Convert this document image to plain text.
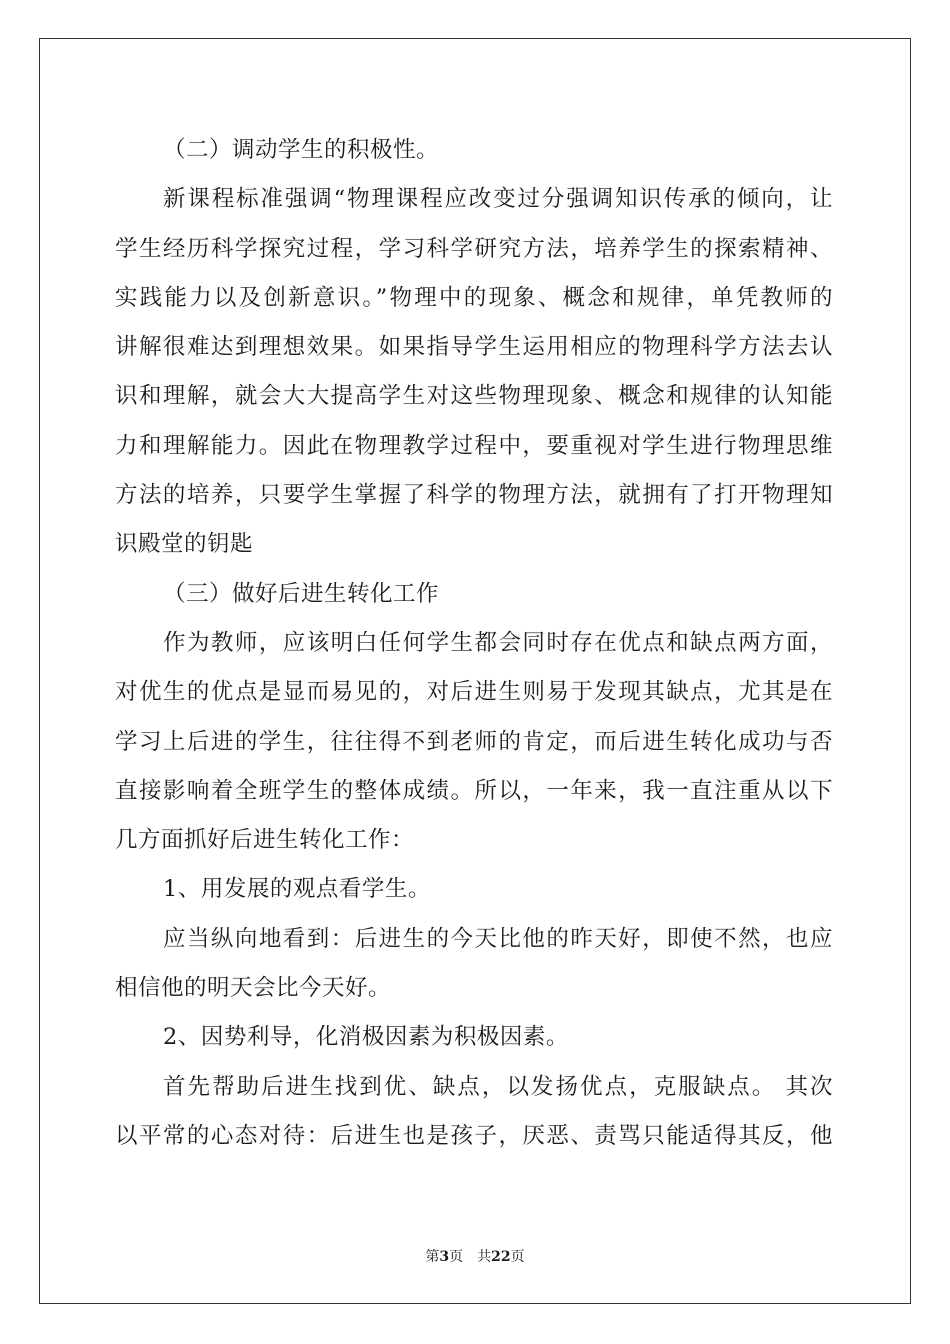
（二）调动学生的积极性。
新课程标准强调“物理课程应改变过分强调知识传承的倾向，让
学生经历科学探究过程，学习科学研究方法，培养学生的探索精神、
实践能力以及创新意识。”物理中的现象、概念和规律，单凭教师的
讲解很难达到理想效果。如果指导学生运用相应的物理科学方法去认
识和理解，就会大大提高学生对这些物理现象、概念和规律的认知能
力和理解能力。因此在物理教学过程中，要重视对学生进行物理思维
方法的培养，只要学生掌握了科学的物理方法，就拥有了打开物理知
识殿堂的钥匙
（三）做好后进生转化工作
作为教师，应该明白任何学生都会同时存在优点和缺点两方面，
对优生的优点是显而易见的，对后进生则易于发现其缺点，尤其是在
学习上后进的学生，往往得不到老师的肯定，而后进生转化成功与否
直接影响着全班学生的整体成绩。所以，一年来，我一直注重从以下
几方面抓好后进生转化工作：
1、用发展的观点看学生。
应当纵向地看到：后进生的今天比他的昨天好，即使不然，也应
相信他的明天会比今天好。
2、因势利导，化消极因素为积极因素。
首先帮助后进生找到优、缺点，以发扬优点，克服缺点。 其次
以平常的心态对待：后进生也是孩子，厌恶、责骂只能适得其反，他
第3页 共22页
